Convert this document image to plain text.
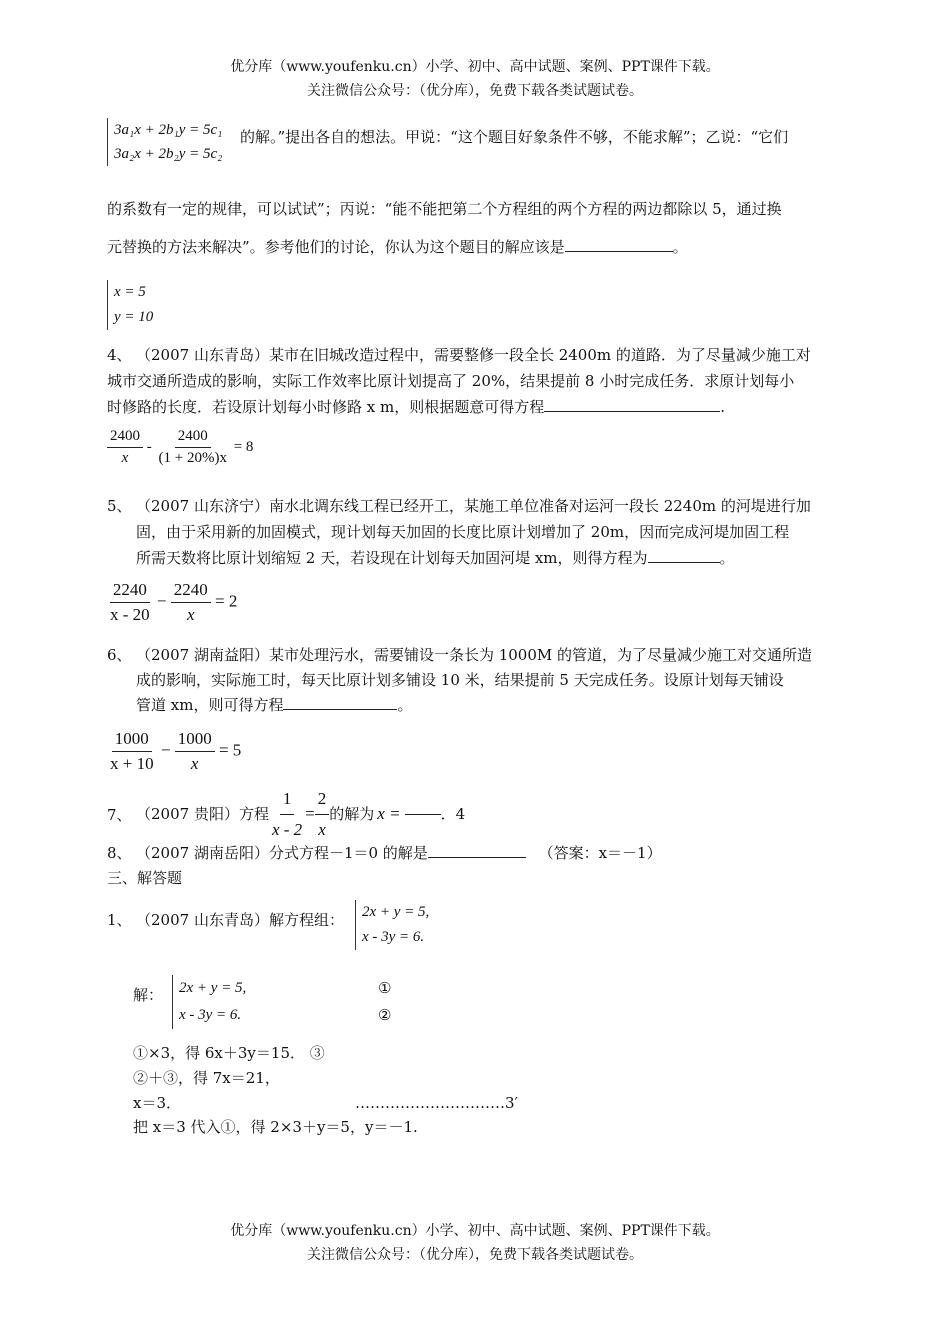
优分库（www.youfenku.cn）小学、初中、高中试题、案例、PPT课件下载。
关注微信公众号：（优分库），免费下载各类试题试卷。
3a₁x + 2b₁y = 5c₁
3a₂x + 2b₂y = 5c₂
的解。”提出各自的想法。甲说：“这个题目好象条件不够，不能求解”；乙说：“它们
的系数有一定的规律，可以试试”；丙说：“能不能把第二个方程组的两个方程的两边都除以 5，通过换
元替换的方法来解决”。参考他们的讨论，你认为这个题目的解应该是	。
x = 5
y = 10
4、 （2007 山东青岛）某市在旧城改造过程中，需要整修一段全长 2400m 的道路．为了尽量减少施工对
城市交通所造成的影响，实际工作效率比原计划提高了 20%，结果提前 8 小时完成任务．求原计划每小
时修路的长度．若设原计划每小时修路 x m，则根据题意可得方程	.
$\frac{2400}{x} - \frac{2400}{(1 + 20\%)x} = 8$
5、 （2007 山东济宁）南水北调东线工程已经开工，某施工单位准备对运河一段长 2240m 的河堤进行加
固，由于采用新的加固模式，现计划每天加固的长度比原计划增加了 20m，因而完成河堤加固工程
所需天数将比原计划缩短 2 天，若设现在计划每天加固河堤 xm，则得方程为	。
$\frac{2240}{x - 20} - \frac{2240}{x} = 2$
6、 （2007 湖南益阳）某市处理污水，需要铺设一条长为 1000M 的管道，为了尽量减少施工对交通所造
成的影响，实际施工时，每天比原计划多铺设 10 米，结果提前 5 天完成任务。设原计划每天铺设
管道 xm，则可得方程	。
$\frac{1000}{x + 10} - \frac{1000}{x} = 5$
7、 （2007 贵阳）方程 $\frac{1}{x - 2} = \frac{2}{x}$ 的解为 x =	．4
8、 （2007 湖南岳阳）分式方程－1＝0 的解是	（答案：x＝－1）
三、解答题
1、 （2007 山东青岛）解方程组： 2x + y = 5,
x - 3y = 6.
解： 2x + y = 5,
x - 3y = 6.
①
②
①×3，得 6x＋3y＝15． ③
②＋③，得 7x＝21，
x＝3．	…………………………3′
把 x＝3 代入①，得 2×3＋y＝5，y＝－1.
优分库（www.youfenku.cn）小学、初中、高中试题、案例、PPT课件下载。
关注微信公众号：（优分库），免费下载各类试题试卷。
